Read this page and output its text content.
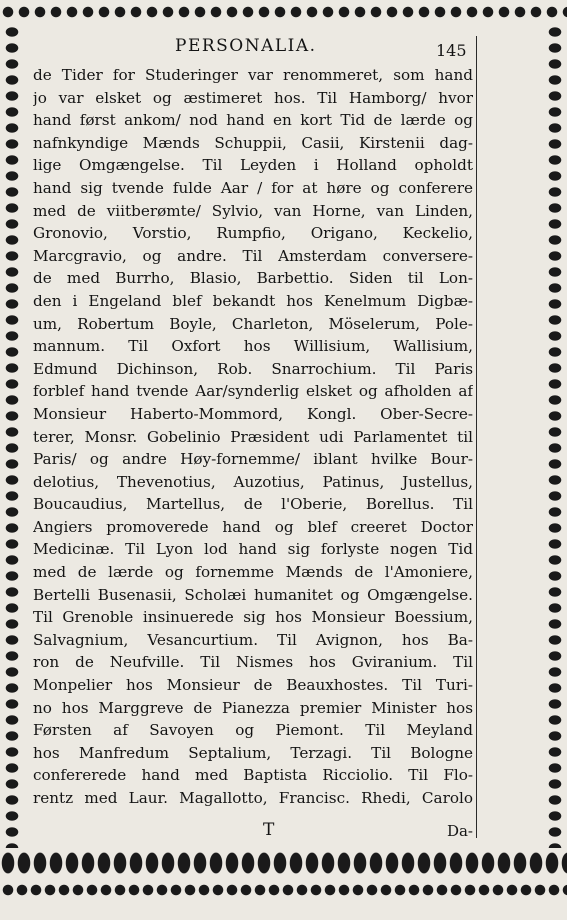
PERSONALIA.	145
de Tider for Studeringer var renommeret, som hand
jo var elsket og æstimeret hos. Til Hamborg/ hvor
hand først ankom/ nod hand en kort Tid de lærde og
nafnkyndige Mænds Schuppii, Casii, Kirstenii dag-
lige Omgængelse. Til Leyden i Holland opholdt
hand sig tvende fulde Aar / for at høre og conferere
med de viitberømte/ Sylvio, van Horne, van Linden,
Gronovio, Vorstio, Rumpfio, Origano, Keckelio,
Marcgravio, og andre. Til Amsterdam conversere-
de med Burrho, Blasio, Barbettio. Siden til Lon-
den i Engeland blef bekandt hos Kenelmum Digbæ-
um, Robertum Boyle, Charleton, Möselerum, Pole-
mannum. Til Oxfort hos Willisium, Wallisium,
Edmund Dichinson, Rob. Snarrochium. Til Paris
forblef hand tvende Aar/synderlig elsket og afholden af
Monsieur Haberto-Mommord, Kongl. Ober-Secre-
terer, Monsr. Gobelinio Præsident udi Parlamentet til
Paris/ og andre Høy-fornemme/ iblant hvilke Bour-
delotius, Thevenotius, Auzotius, Patinus, Justellus,
Boucaudius, Martellus, de l'Oberie, Borellus. Til
Angiers promoverede hand og blef creeret Doctor
Medicinæ. Til Lyon lod hand sig forlyste nogen Tid
med de lærde og fornemme Mænds de l'Amoniere,
Bertelli Busenasii, Scholæi humanitet og Omgængelse.
Til Grenoble insinuerede sig hos Monsieur Boessium,
Salvagnium, Vesancurtium. Til Avignon, hos Ba-
ron de Neufville. Til Nismes hos Gviranium. Til
Monpelier hos Monsieur de Beauxhostes. Til Turi-
no hos Marggreve de Pianezza premier Minister hos
Førsten af Savoyen og Piemont. Til Meyland
hos Manfredum Septalium, Terzagi. Til Bologne
confererede hand med Baptista Ricciolio. Til Flo-
rentz med Laur. Magallotto, Francisc. Rhedi, Carolo
T	Da-
